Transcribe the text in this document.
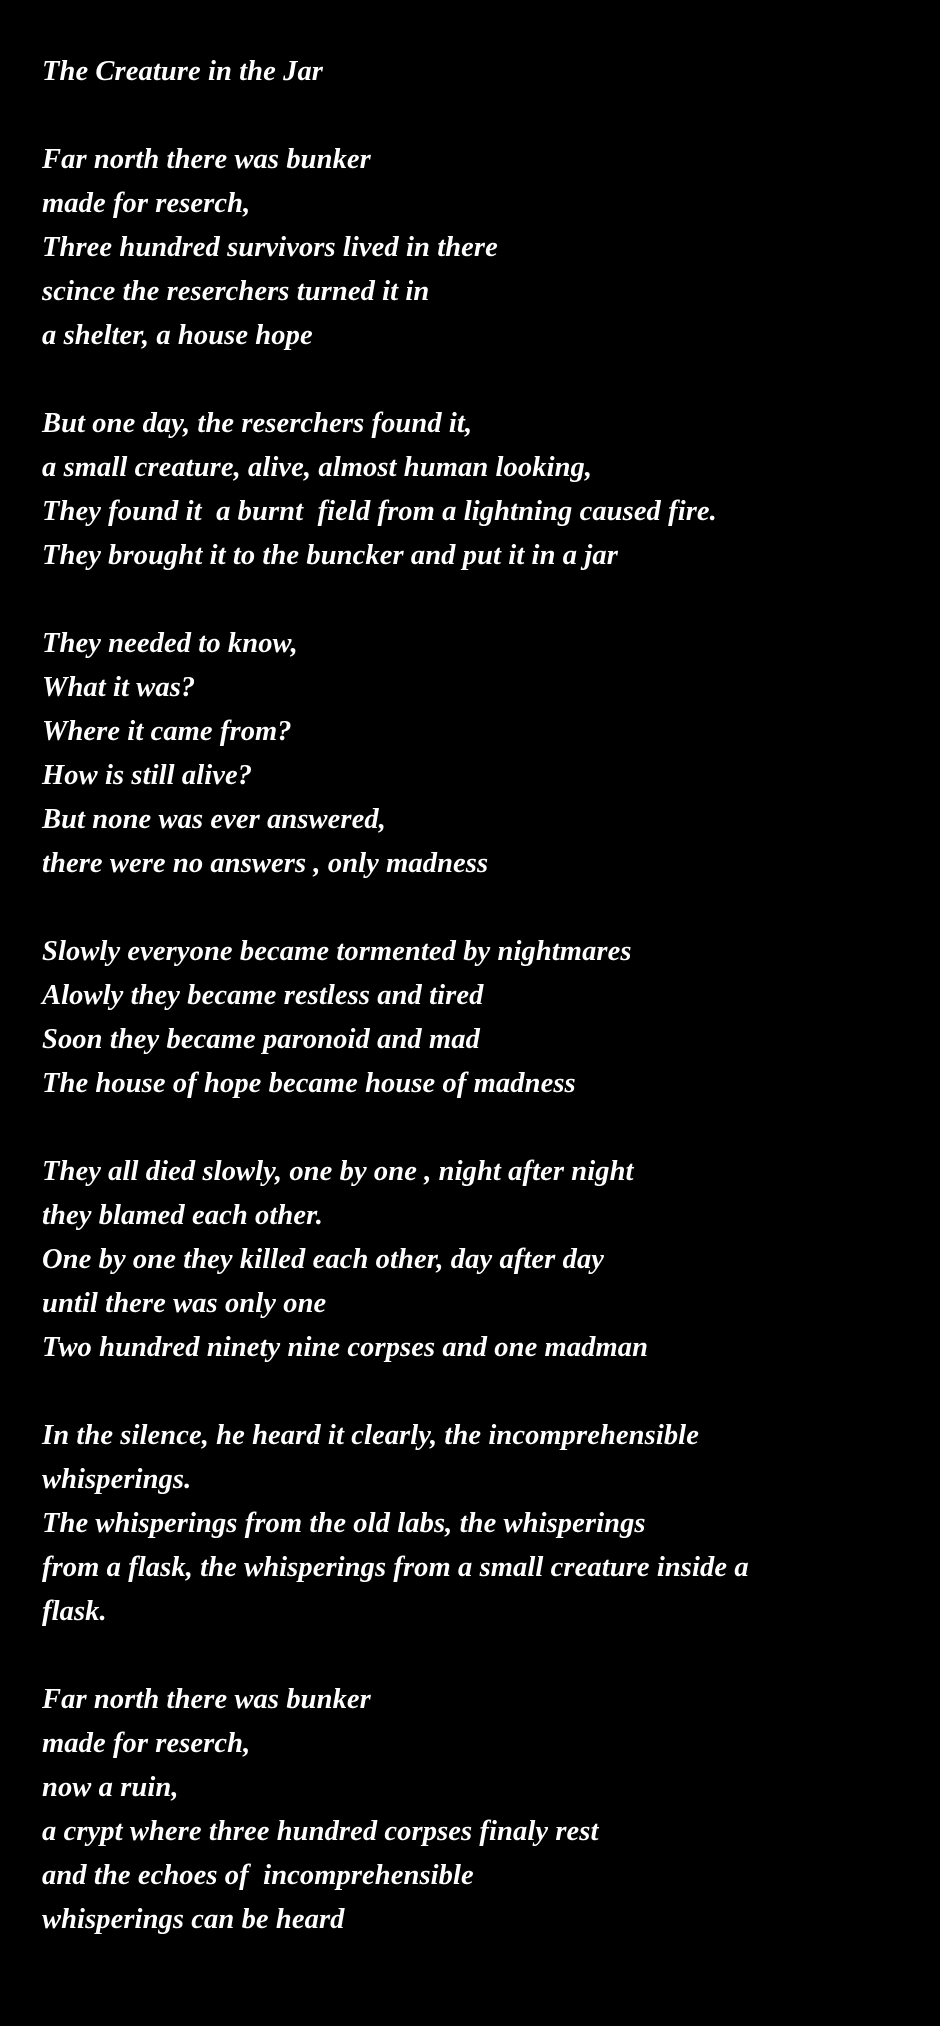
The Creature in the Jar
Far north there was bunker
made for reserch,
Three hundred survivors lived in there
scince the reserchers turned it in
a shelter, a house hope
But one day, the reserchers found it,
a small creature, alive, almost human looking,
They found it  a burnt  field from a lightning caused fire.
They brought it to the buncker and put it in a jar
They needed to know,
What it was?
Where it came from?
How is still alive?
But none was ever answered,
there were no answers , only madness
Slowly everyone became tormented by nightmares
Alowly they became restless and tired
Soon they became paronoid and mad
The house of hope became house of madness
They all died slowly, one by one , night after night
they blamed each other.
One by one they killed each other, day after day
until there was only one
Two hundred ninety nine corpses and one madman
In the silence, he heard it clearly, the incomprehensible
whisperings.
The whisperings from the old labs, the whisperings
from a flask, the whisperings from a small creature inside a
flask.
Far north there was bunker
made for reserch,
now a ruin,
a crypt where three hundred corpses finaly rest
and the echoes of  incomprehensible
whisperings can be heard
